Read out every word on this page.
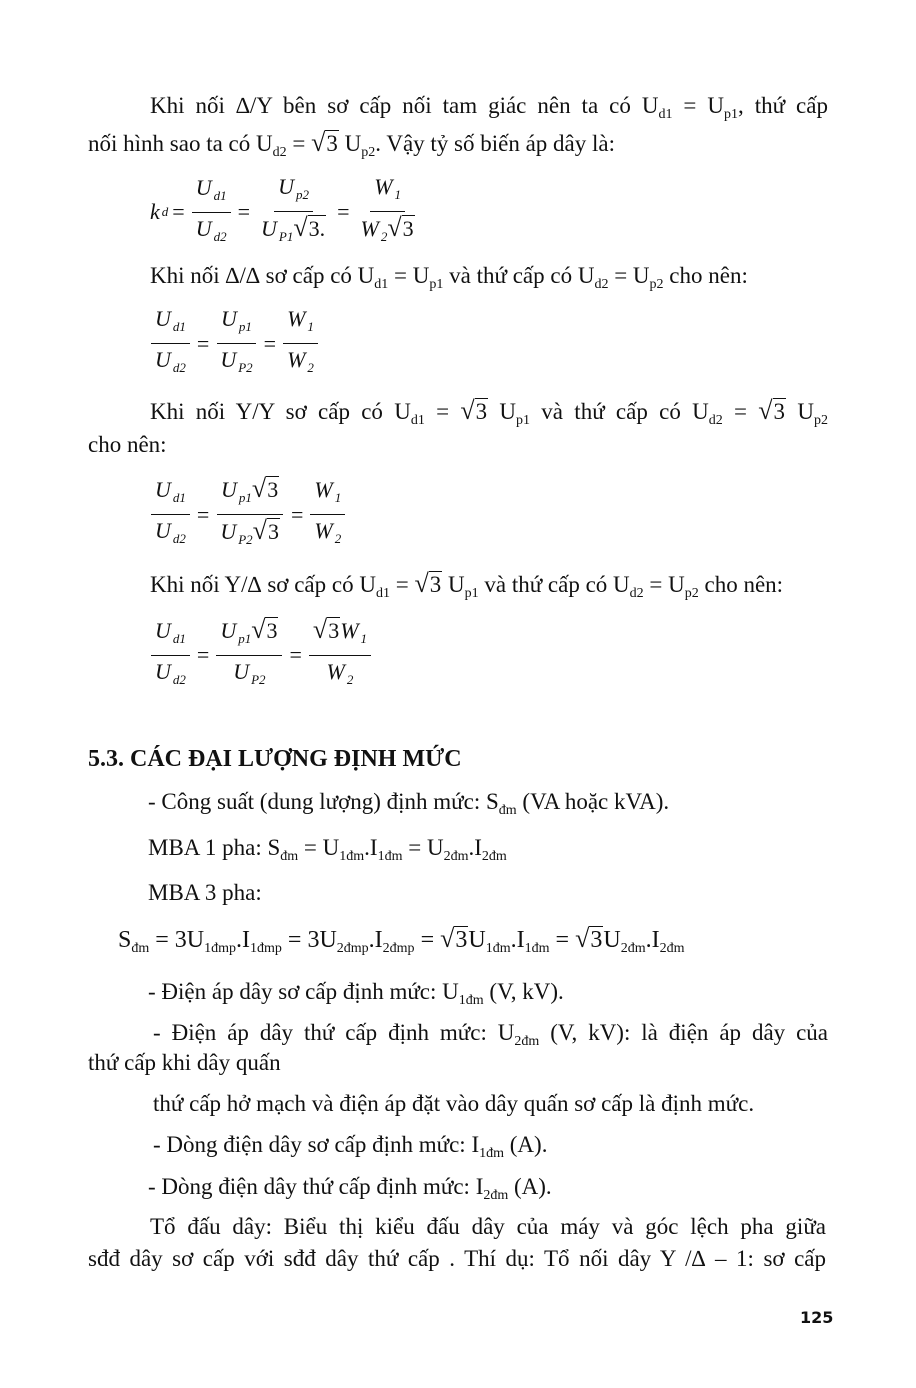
Khi nối ∆/Y bên sơ cấp nối tam giác nên ta có $U_{d1} = U_{p1}$, thứ cấp

nối hình sao ta có $U_{d2} = √3$ $U_{p2}$. Vậy tỷ số biến áp dây là:

k $d = \frac{U _{d1}}{U _{d2}} = \frac{U _{p2}}{U _{P1}√3.} = \frac{W _1}{W _2√3}$

Khi nối ∆/∆ sơ cấp có $U_{d1} = U_{p1}$ và thứ cấp có $U_{d2} = U_{p2}$ cho nên:

$\frac{U _{d1}}{U _{d2}} = \frac{U _{p1}}{U _{P2}} = \frac{W _1}{W _2}$

Khi nối Y/Y sơ cấp có $U_{d1} = √3$ $U_{p1}$ và thứ cấp có $U_{d2} = √3$ $U_{p2}$

cho nên:

$\frac{U _{d1}}{U _{d2}} = \frac{U _{p1}√3}{U _{P2}√3} = \frac{W _1}{W _2}$

Khi nối Y/∆ sơ cấp có $U_{d1} = √3$ $U_{p1}$ và thứ cấp có $U_{d2} = U_{p2}$ cho nên:

$\frac{U _{d1}}{U _{d2}} = \frac{U _{p1}√3}{U _{P2}} = \frac{√3W _1}{W _2}$
5.3. CÁC ĐẠI LƯỢNG ĐỊNH MỨC

- Công suất (dung lượng) định mức: $S_{đm}$ (VA hoặc kVA).

MBA 1 pha: $S_{đm} = U_{1đm}.I_{1đm} = U_{2đm}.I_{2đm}$

MBA 3 pha:

$S_{đm} = 3U_{1đmp}.I_{1đmp} = 3U_{2đmp}.I_{2đmp} = √3U_{1đm}.I_{1đm} = √3U_{2đm}.I_{2đm}$

- Điện áp dây sơ cấp định mức: $U_{1đm}$ (V, kV).

- Điện áp dây thứ cấp định mức: $U_{2đm}$ (V, kV): là điện áp dây của

thứ cấp khi dây quấn

thứ cấp hở mạch và điện áp đặt vào dây quấn sơ cấp là định mức.

- Dòng điện dây sơ cấp định mức: $I_{1đm}$ (A).

- Dòng điện dây thứ cấp định mức: $I_{2đm}$ (A).

Tổ đấu dây: Biểu thị kiểu đấu dây của máy và góc lệch pha giữa

sđđ dây sơ cấp với sđđ dây thứ cấp . Thí dụ: Tổ nối dây Y /∆ – 1: sơ cấp

125
